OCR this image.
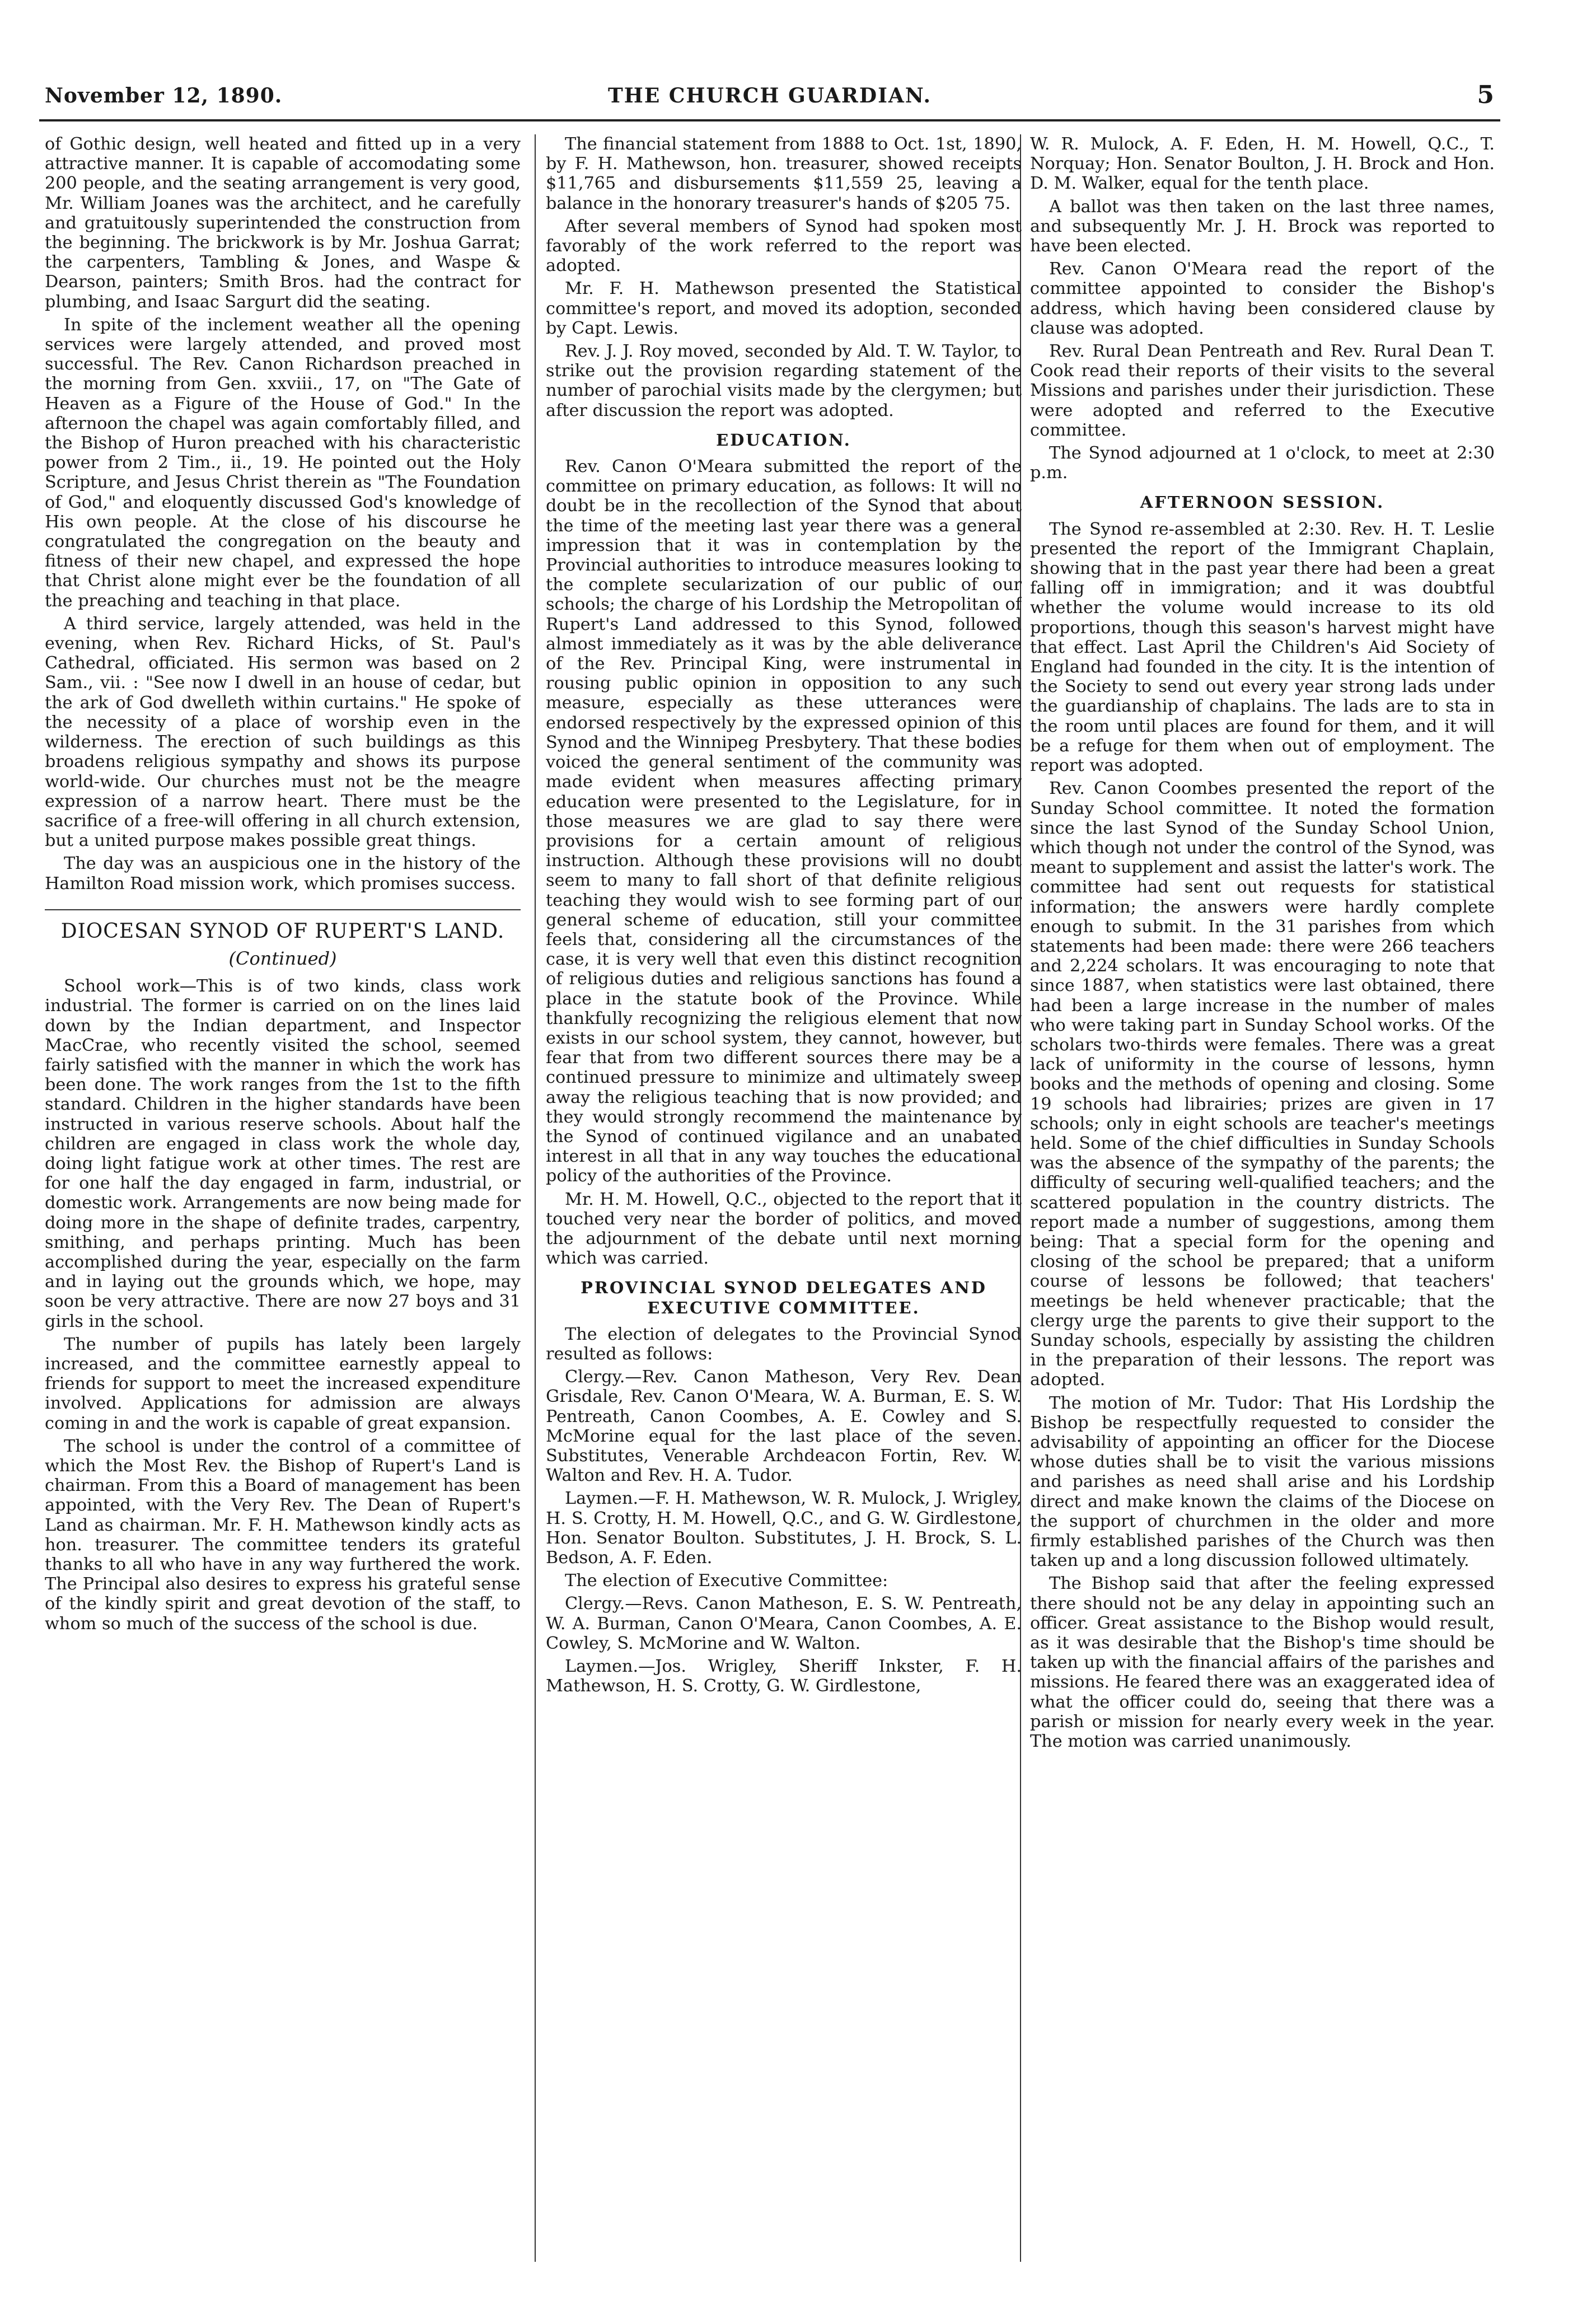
November 12, 1890.	THE CHURCH GUARDIAN.	5

of Gothic design, well heated and fitted up in a very attractive manner. It is capable of accomodating some 200 people, and the seating arrangement is very good, Mr. William Joanes was the architect, and he carefully and gratuitously superintended the construction from the beginning. The brickwork is by Mr. Joshua Garrat; the carpenters, Tambling & Jones, and Waspe & Dearson, painters; Smith Bros. had the contract for plumbing, and Isaac Sargurt did the seating.

In spite of the inclement weather all the opening services were largely attended, and proved most successful. The Rev. Canon Richardson preached in the morning from Gen. xxviii., 17, on "The Gate of Heaven as a Figure of the House of God." In the afternoon the chapel was again comfortably filled, and the Bishop of Huron preached with his characteristic power from 2 Tim., ii., 19. He pointed out the Holy Scripture, and Jesus Christ therein as "The Foundation of God," and eloquently discussed God's knowledge of His own people. At the close of his discourse he congratulated the congregation on the beauty and fitness of their new chapel, and expressed the hope that Christ alone might ever be the foundation of all the preaching and teaching in that place.

A third service, largely attended, was held in the evening, when Rev. Richard Hicks, of St. Paul's Cathedral, officiated. His sermon was based on 2 Sam., vii. : "See now I dwell in an house of cedar, but the ark of God dwelleth within curtains." He spoke of the necessity of a place of worship even in the wilderness. The erection of such buildings as this broadens religious sympathy and shows its purpose world-wide. Our churches must not be the meagre expression of a narrow heart. There must be the sacrifice of a free-will offering in all church extension, but a united purpose makes possible great things.

The day was an auspicious one in the history of the Hamilton Road mission work, which promises success.

DIOCESAN SYNOD OF RUPERT'S LAND.
(Continued)

School work—This is of two kinds, class work industrial. The former is carried on on the lines laid down by the Indian department, and Inspector MacCrae, who recently visited the school, seemed fairly satisfied with the manner in which the work has been done. The work ranges from the 1st to the fifth standard. Children in the higher standards have been instructed in various reserve schools. About half the children are engaged in class work the whole day, doing light fatigue work at other times. The rest are for one half the day engaged in farm, industrial, or domestic work. Arrangements are now being made for doing more in the shape of definite trades, carpentry, smithing, and perhaps printing. Much has been accomplished during the year, especially on the farm and in laying out the grounds which, we hope, may soon be very attractive. There are now 27 boys and 31 girls in the school.

The number of pupils has lately been largely increased, and the committee earnestly appeal to friends for support to meet the increased expenditure involved. Applications for admission are always coming in and the work is capable of great expansion.

The school is under the control of a committee of which the Most Rev. the Bishop of Rupert's Land is chairman. From this a Board of management has been appointed, with the Very Rev. The Dean of Rupert's Land as chairman. Mr. F. H. Mathewson kindly acts as hon. treasurer. The committee tenders its grateful thanks to all who have in any way furthered the work. The Principal also desires to express his grateful sense of the kindly spirit and great devotion of the staff, to whom so much of the success of the school is due.

The financial statement from 1888 to Oct. 1st, 1890, by F. H. Mathewson, hon. treasurer, showed receipts $11,765 and disbursements $11,559 25, leaving a balance in the honorary treasurer's hands of $205 75.

After several members of Synod had spoken most favorably of the work referred to the report was adopted.

Mr. F. H. Mathewson presented the Statistical committee's report, and moved its adoption, seconded by Capt. Lewis.

Rev. J. J. Roy moved, seconded by Ald. T. W. Taylor, to strike out the provision regarding statement of the number of parochial visits made by the clergymen; but after discussion the report was adopted.

EDUCATION.

Rev. Canon O'Meara submitted the report of the committee on primary education, as follows: It will no doubt be in the recollection of the Synod that about the time of the meeting last year there was a general impression that it was in contemplation by the Provincial authorities to introduce measures looking to the complete secularization of our public of our schools; the charge of his Lordship the Metropolitan of Rupert's Land addressed to this Synod, followed almost immediately as it was by the able deliverance of the Rev. Principal King, were instrumental in rousing public opinion in opposition to any such measure, especially as these utterances were endorsed respectively by the expressed opinion of this Synod and the Winnipeg Presbytery. That these bodies voiced the general sentiment of the community was made evident when measures affecting primary education were presented to the Legislature, for in those measures we are glad to say there were provisions for a certain amount of religious instruction. Although these provisions will no doubt seem to many to fall short of that definite religious teaching they would wish to see forming part of our general scheme of education, still your committee feels that, considering all the circumstances of the case, it is very well that even this distinct recognition of religious duties and religious sanctions has found a place in the statute book of the Province. While thankfully recognizing the religious element that now exists in our school system, they cannot, however, but fear that from two different sources there may be a continued pressure to minimize and ultimately sweep away the religious teaching that is now provided; and they would strongly recommend the maintenance by the Synod of continued vigilance and an unabated interest in all that in any way touches the educational policy of the authorities of the Province.

Mr. H. M. Howell, Q.C., objected to the report that it touched very near the border of politics, and moved the adjournment of the debate until next morning which was carried.

PROVINCIAL SYNOD DELEGATES AND EXECUTIVE COMMITTEE.

The election of delegates to the Provincial Synod resulted as follows:

Clergy.—Rev. Canon Matheson, Very Rev. Dean Grisdale, Rev. Canon O'Meara, W. A. Burman, E. S. W. Pentreath, Canon Coombes, A. E. Cowley and S. McMorine equal for the last place of the seven. Substitutes, Venerable Archdeacon Fortin, Rev. W. Walton and Rev. H. A. Tudor.

Laymen.—F. H. Mathewson, W. R. Mulock, J. Wrigley, H. S. Crotty, H. M. Howell, Q.C., and G. W. Girdlestone, Hon. Senator Boulton. Substitutes, J. H. Brock, S. L. Bedson, A. F. Eden.

The election of Executive Committee:

Clergy.—Revs. Canon Matheson, E. S. W. Pentreath, W. A. Burman, Canon O'Meara, Canon Coombes, A. E. Cowley, S. McMorine and W. Walton.

Laymen.—Jos. Wrigley, Sheriff Inkster, F. H. Mathewson, H. S. Crotty, G. W. Girdlestone,

W. R. Mulock, A. F. Eden, H. M. Howell, Q.C., T. Norquay; Hon. Senator Boulton, J. H. Brock and Hon. D. M. Walker, equal for the tenth place.

A ballot was then taken on the last three names, and subsequently Mr. J. H. Brock was reported to have been elected.

Rev. Canon O'Meara read the report of the committee appointed to consider the Bishop's address, which having been considered clause by clause was adopted.

Rev. Rural Dean Pentreath and Rev. Rural Dean T. Cook read their reports of their visits to the several Missions and parishes under their jurisdiction. These were adopted and referred to the Executive committee.

The Synod adjourned at 1 o'clock, to meet at 2:30 p.m.

AFTERNOON SESSION.

The Synod re-assembled at 2:30. Rev. H. T. Leslie presented the report of the Immigrant Chaplain, showing that in the past year there had been a great falling off in immigration; and it was doubtful whether the volume would increase to its old proportions, though this season's harvest might have that effect. Last April the Children's Aid Society of England had founded in the city. It is the intention of the Society to send out every year strong lads under the guardianship of chaplains. The lads are to sta in the room until places are found for them, and it will be a refuge for them when out of employment. The report was adopted.

Rev. Canon Coombes presented the report of the Sunday School committee. It noted the formation since the last Synod of the Sunday School Union, which though not under the control of the Synod, was meant to supplement and assist the latter's work. The committee had sent out requests for statistical information; the answers were hardly complete enough to submit. In the 31 parishes from which statements had been made: there were 266 teachers and 2,224 scholars. It was encouraging to note that since 1887, when statistics were last obtained, there had been a large increase in the number of males who were taking part in Sunday School works. Of the scholars two-thirds were females. There was a great lack of uniformity in the course of lessons, hymn books and the methods of opening and closing. Some 19 schools had librairies; prizes are given in 17 schools; only in eight schools are teacher's meetings held. Some of the chief difficulties in Sunday Schools was the absence of the sympathy of the parents; the difficulty of securing well-qualified teachers; and the scattered population in the country districts. The report made a number of suggestions, among them being: That a special form for the opening and closing of the school be prepared; that a uniform course of lessons be followed; that teachers' meetings be held whenever practicable; that the clergy urge the parents to give their support to the Sunday schools, especially by assisting the children in the preparation of their lessons. The report was adopted.

The motion of Mr. Tudor: That His Lordship the Bishop be respectfully requested to consider the advisability of appointing an officer for the Diocese whose duties shall be to visit the various missions and parishes as need shall arise and his Lordship direct and make known the claims of the Diocese on the support of churchmen in the older and more firmly established parishes of the Church was then taken up and a long discussion followed ultimately.

The Bishop said that after the feeling expressed there should not be any delay in appointing such an officer. Great assistance to the Bishop would result, as it was desirable that the Bishop's time should be taken up with the financial affairs of the parishes and missions. He feared there was an exaggerated idea of what the officer could do, seeing that there was a parish or mission for nearly every week in the year. The motion was carried unanimously.
